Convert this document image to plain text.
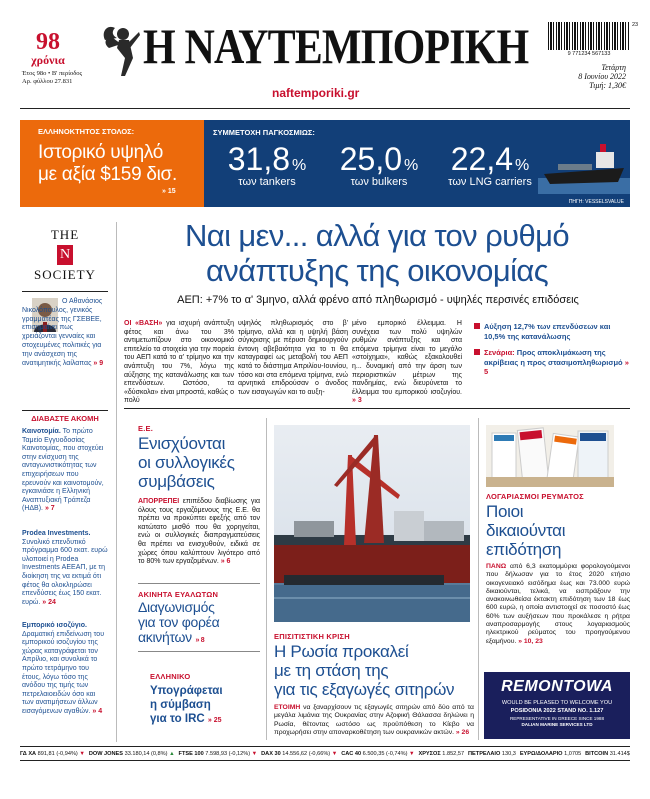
98
χρόνια
Έτος 98ο • Β' περίοδος
Αρ. φύλλου 27.831
Η ΝΑΥΤΕΜΠΟΡΙΚΗ
naftemporiki.gr
9 771234 567133
23
Τετάρτη
8 Ιουνίου 2022
Τιμή: 1,30€
ΕΛΛΗΝΟΚΤΗΤΟΣ ΣΤΟΛΟΣ:
Ιστορικό υψηλό
με αξία $159 δισ.
» 15
ΣΥΜΜΕΤΟΧΗ ΠΑΓΚΟΣΜΙΩΣ:
31,8 %
των tankers
25,0 %
των bulkers
22,4 %
των LNG carriers
ΠΗΓΗ: VESSELSVALUE
THE
N
SOCIETY
Ο Αθανάσιος Νικολόπουλος, γενικός γραμματέας της ΓΣΕΒΕΕ, επισημαίνει πως χρειάζονται γενναίες και στοχευμένες πολιτικές για την ανάσχεση της ανατιμητικής λαίλαπας » 9
ΔΙΑΒΑΣΤΕ ΑΚΟΜΗ
Καινοτομία. Το πρώτο Ταμείο Εγγυοδοσίας Καινοτομίας, που στοχεύει στην ενίσχυση της ανταγωνιστικότητας των επιχειρήσεων που ερευνούν και καινοτομούν, εγκαινιάσε η Ελληνική Αναπτυξιακή Τράπεζα (ΗΔΒ). » 7
Prodea Investments. Συνολικό επενδυτικό πρόγραμμα 600 εκατ. ευρώ υλοποιεί η Prodea Investments ΑΕΕΑΠ, με τη διοίκηση της να εκτιμά ότι φέτος θα ολοκληρώσει επενδύσεις έως 150 εκατ. ευρώ. » 24
Εμπορικό ισοζύγιο. Δραματική επιδείνωση του εμπορικού ισοζυγίου της χώρας καταγράφεται τον Απρίλιο, και συνολικά το πρώτο τετράμηνο του έτους, λόγω τόσο της ανόδου της τιμής των πετρελαιοειδών όσο και των ανατιμήσεων άλλων εισαγόμενων αγαθών. » 4
Ναι μεν... αλλά για τον ρυθμό
ανάπτυξης της οικονομίας
ΑΕΠ: +7% το α' 3μηνο, αλλά φρένο από πληθωρισμό - υψηλές περσινές επιδόσεις
ΟΙ «ΒΑΣΗ» για ισχυρή ανάπτυξη φέτος και άνω του 3% αντιμετωπίζουν στο οικονομικό επιτελείο τα στοιχεία για την πορεία του ΑΕΠ κατά το α' τρίμηνο και την ανάπτυξη του 7%, λόγω της αύξησης της κατανάλωσης και των επενδύσεων. Ωστόσο, τα «δύσκολα» είναι μπροστά, καθώς ο πολύ
υψηλός πληθωρισμός στο β' τρίμηνο, αλλά και η υψηλή βάση σύγκρισης με πέρυσι δημιουργούν έντονη αβεβαιότητα για το τι θα καταγραφεί ως μεταβολή του ΑΕΠ κατά το διάστημα Απριλίου-Ιουνίου, τόσο και στα επόμενα τρίμηνα, ενώ αρνητικά επιδρούσαν ο άνοδος των εισαγωγών και το αυξη-
μένο εμπορικό έλλειμμα. Η συνέχεια των πολύ υψηλών ρυθμών ανάπτυξης και στα επόμενα τρίμηνα είναι το μεγάλο «στοίχημα», καθώς εξακολουθεί η... δυναμική από την άρση των περιοριστικών μέτρων της πανδημίας, ενώ διευρύνεται το έλλειμμα του εμπορικού ισοζυγίου. » 3
Αύξηση 12,7% των επενδύσεων και 10,5% της κατανάλωσης
Σενάρια: Προς αποκλιμάκωση της ακρίβειας η προς στασιμοπληθωρισμό » 5
Ε.Ε.
Ενισχύονται
οι συλλογικές
συμβάσεις
ΑΠΟΡΡΕΠΕΙ επιπέδου διαβίωσης για όλους τους εργαζόμενους της Ε.Ε. θα πρέπει να προκύπτει εφεξής από τον κατώτατο μισθό που θα χορηγείται, ενώ οι συλλογικές διαπραγματεύσεις θα πρέπει να ενισχυθούν, ειδικά σε χώρες όπου καλύπτουν λιγότερο από το 80% των εργαζομένων. » 6
ΑΚΙΝΗΤΑ ΕΥΑΛΩΤΩΝ
Διαγωνισμός
για τον φορέα
ακινήτων » 8
ΕΛΛΗΝΙΚΟ
Υπογράφεται
η σύμβαση
για το IRC » 25
ΕΠΙΣΙΤΙΣΤΙΚΗ ΚΡΙΣΗ
Η Ρωσία προκαλεί
με τη στάση της
για τις εξαγωγές σιτηρών
ΕΤΟΙΜΗ να ξαναρχίσουν τις εξαγωγές σιτηρών από δύο από τα μεγάλα λιμάνια της Ουκρανίας στην Αζοφική Θάλασσα δηλώνει η Ρωσία, θέτοντας ωστόσο ως προϋπόθεση το Κίεβο να προχωρήσει στην αποναρκοθέτηση των ουκρανικών ακτών. » 26
ΛΟΓΑΡΙΑΣΜΟΙ ΡΕΥΜΑΤΟΣ
Ποιοι
δικαιούνται
επιδότηση
ΠΑΝΩ από 6,3 εκατομμύρια φορολογούμενοι που δήλωσαν για το έτος 2020 ετήσιο οικογενειακό εισόδημα έως και 73.000 ευρώ δικαιούνται, τελικά, να εισπράξουν την ανακοινωθείσα έκτακτη επιδότηση των 18 έως 600 ευρώ, η οποία αντιστοιχεί σε ποσοστό έως 60% των αυξήσεων που προκάλεσε η ρήτρα αναπροσαρμογής στους λογαριασμούς ηλεκτρικού ρεύματος του προηγούμενου εξαμήνου. » 10, 23
REMONTOWA
WOULD BE PLEASED TO WELCOME YOU
POSIDONIA 2022 STAND NO. 1.127
REPRESENTATIVE IN GREECE SINCE 1988
DALIAN MARINE SERVICES LTD
ΓΔ ΧΑ 891,81 (-0,94%) ▼ DOW JONES 33.180,14 (0,8%) ▲ FTSE 100 7.598,93 (-0,12%) ▼ DAX 30 14.556,62 (-0,66%) ▼ CAC 40 6.500,35 (-0,74%) ▼ ΧΡΥΣΟΣ 1.852,57 ΠΕΤΡΕΛΑΙΟ 130,3 ΕΥΡΩ/ΔΟΛΑΡΙΟ 1,0705 BITCOIN 31.414$
